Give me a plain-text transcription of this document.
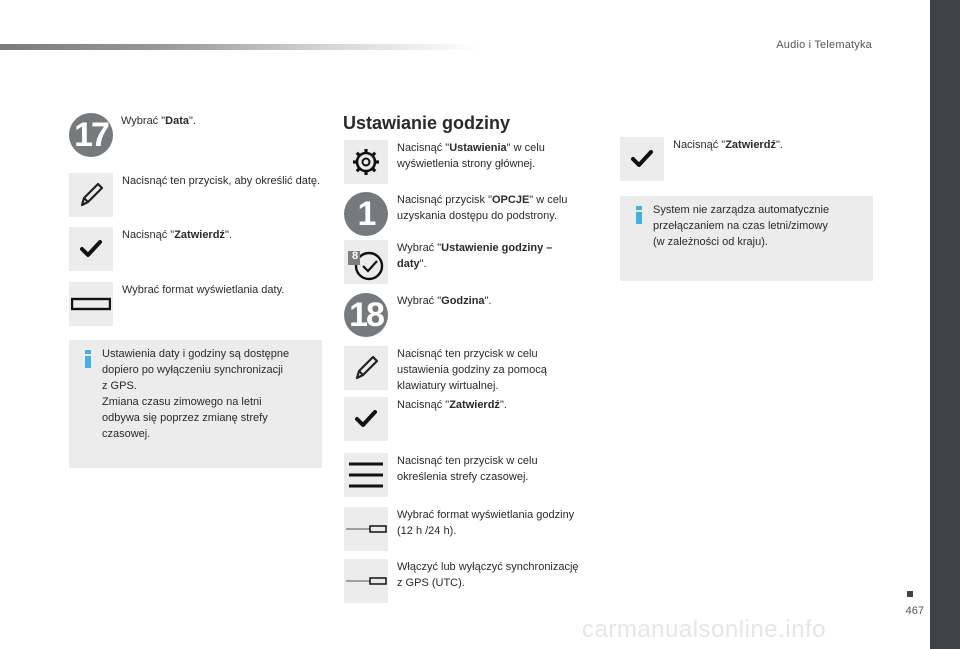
Audio i Telematyka
467
carmanualsonline.info
17	Wybrać "Data".
Nacisnąć ten przycisk, aby określić datę.
Nacisnąć "Zatwierdź".
Wybrać format wyświetlania daty.
Ustawienia daty i godziny są dostępne
dopiero po wyłączeniu synchronizacji
z GPS.
Zmiana czasu zimowego na letni
odbywa się poprzez zmianę strefy
czasowej.
Ustawianie godziny
Nacisnąć "Ustawienia" w celu
wyświetlenia strony głównej.
1	Nacisnąć przycisk "OPCJE" w celu
uzyskania dostępu do podstrony.
8
Wybrać "Ustawienie godziny –
daty".
18	Wybrać "Godzina".
Nacisnąć ten przycisk w celu
ustawienia godziny za pomocą
klawiatury wirtualnej.
Nacisnąć "Zatwierdź".
Nacisnąć ten przycisk w celu
określenia strefy czasowej.
Wybrać format wyświetlania godziny
(12 h /24 h).
Włączyć lub wyłączyć synchronizację
z GPS (UTC).
Nacisnąć "Zatwierdź".
System nie zarządza automatycznie
przełączaniem na czas letni/zimowy
(w zależności od kraju).
